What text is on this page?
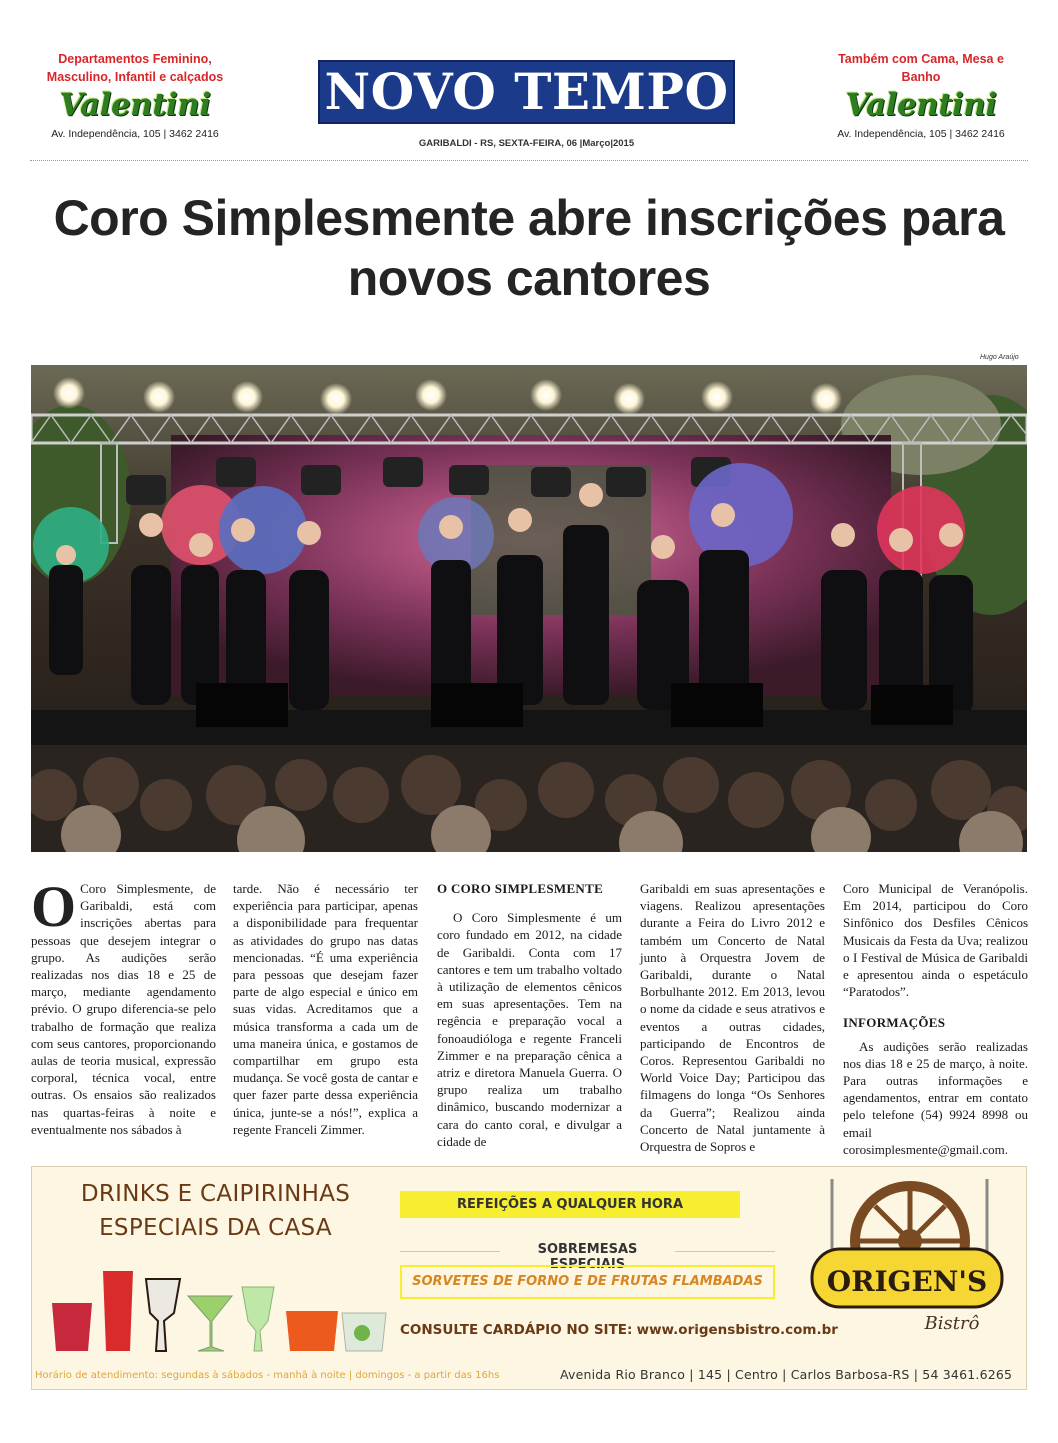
Departamentos Feminino, Masculino, Infantil e calçados
Valentini
Av. Independência, 105 | 3462 2416
NOVO TEMPO
GARIBALDI - RS, SEXTA-FEIRA, 06 |Março|2015
Também com Cama, Mesa e Banho
Valentini
Av. Independência, 105 | 3462 2416
Coro Simplesmente abre inscrições para novos cantores
Hugo Araújo

O Coro Simplesmente, de Garibaldi, está com inscrições abertas para pessoas que desejem integrar o grupo. As audições serão realizadas nos dias 18 e 25 de março, mediante agendamento prévio. O grupo diferencia-se pelo trabalho de formação que realiza com seus cantores, proporcionando aulas de teoria musical, expressão corporal, técnica vocal, entre outras. Os ensaios são realizados nas quartas-feiras à noite e eventualmente nos sábados à

tarde. Não é necessário ter experiência para participar, apenas a disponibilidade para frequentar as atividades do grupo nas datas mencionadas. “É uma experiência para pessoas que desejam fazer parte de algo especial e único em suas vidas. Acreditamos que a música transforma a cada um de uma maneira única, e gostamos de compartilhar em grupo esta mudança. Se você gosta de cantar e quer fazer parte dessa experiência única, junte-se a nós!”, explica a regente Franceli Zimmer.

O CORO SIMPLESMENTE

O Coro Simplesmente é um coro fundado em 2012, na cidade de Garibaldi. Conta com 17 cantores e tem um trabalho voltado à utilização de elementos cênicos em suas apresentações. Tem na regência e preparação vocal a fonoaudióloga e regente Franceli Zimmer e na preparação cênica a atriz e diretora Manuela Guerra. O grupo realiza um trabalho dinâmico, buscando modernizar a cara do canto coral, e divulgar a cidade de

Garibaldi em suas apresentações e viagens. Realizou apresentações durante a Feira do Livro 2012 e também um Concerto de Natal junto à Orquestra Jovem de Garibaldi, durante o Natal Borbulhante 2012. Em 2013, levou o nome da cidade e seus atrativos e eventos a outras cidades, participando de Encontros de Coros. Representou Garibaldi no World Voice Day; Participou das filmagens do longa “Os Senhores da Guerra”; Realizou ainda Concerto de Natal juntamente à Orquestra de Sopros e

Coro Municipal de Veranópolis. Em 2014, participou do Coro Sinfônico dos Desfiles Cênicos Musicais da Festa da Uva; realizou o I Festival de Música de Garibaldi e apresentou ainda o espetáculo “Paratodos”.

INFORMAÇÕES

As audições serão realizadas nos dias 18 e 25 de março, à noite. Para outras informações e agendamentos, entrar em contato pelo telefone (54) 9924 8998 ou email corosimplesmente@gmail.com.

DRINKS E CAIPIRINHAS
ESPECIAIS DA CASA
REFEIÇÕES A QUALQUER HORA
SOBREMESAS ESPECIAIS
SORVETES DE FORNO E DE FRUTAS FLAMBADAS
CONSULTE CARDÁPIO NO SITE: www.origensbistro.com.br
ORIGEN'S
Bistrô
Horário de atendimento: segundas à sábados - manhã à noite | domingos - a partir das 16hs	Avenida Rio Branco | 145 | Centro | Carlos Barbosa-RS | 54 3461.6265
